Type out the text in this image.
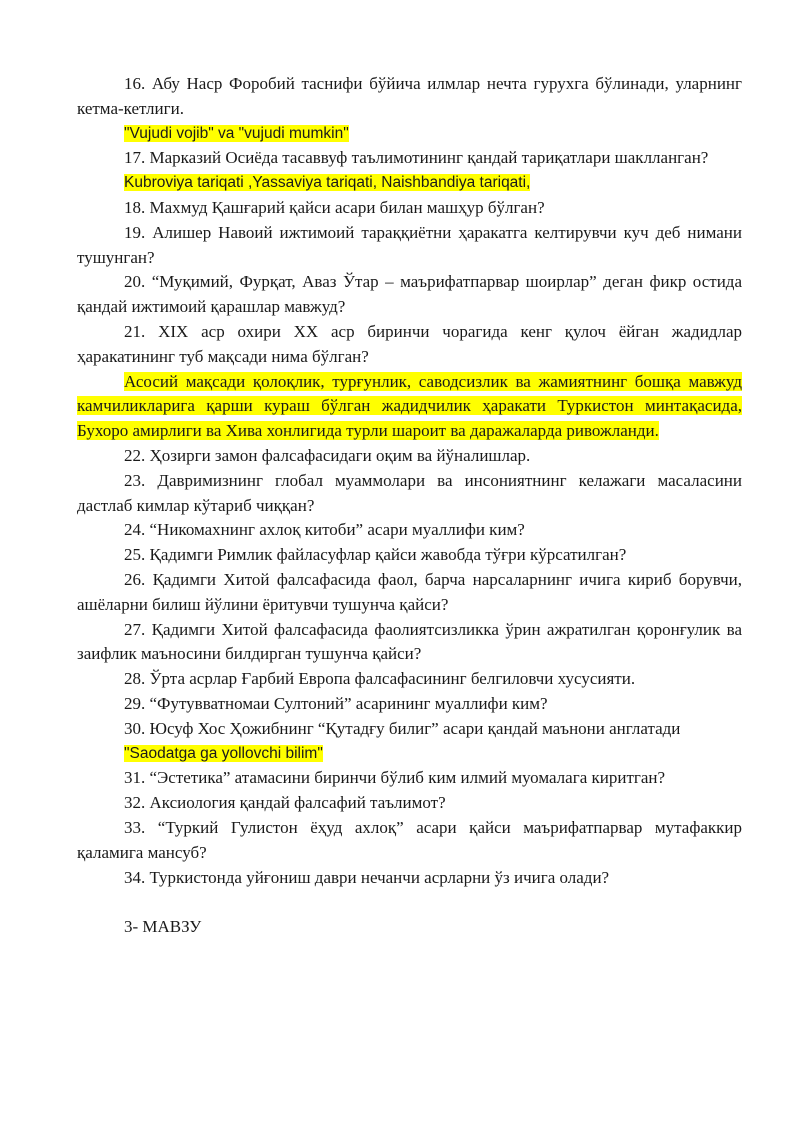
16. Абу Наср Форобий таснифи бўйича илмлар нечта гурухга бўлинади, уларнинг кетма-кетлиги.

"Vujudi vojib" va "vujudi mumkin"

17. Марказий Осиёда тасаввуф таълимотининг қандай тариқатлари шаклланган?

Kubroviya tariqati ,Yassaviya tariqati, Naishbandiya tariqati,

18. Махмуд Қашғарий қайси асари билан машҳур бўлган?

19. Алишер Навоий ижтимоий тараққиётни ҳаракатга келтирувчи куч деб нимани тушунган?

20. “Муқимий, Фурқат, Аваз Ўтар – маърифатпарвар шоирлар” деган фикр остида қандай ижтимоий қарашлар мавжуд?

21. XIX аср охири XX аср биринчи чорагида кенг қулоч ёйган жадидлар ҳаракатининг туб мақсади нима бўлган?

Асосий мақсади қолоқлик, турғунлик, саводсизлик ва жамиятнинг бошқа мавжуд камчиликларига қарши кураш бўлган жадидчилик ҳаракати Туркистон минтақасида, Бухоро амирлиги ва Хива хонлигида турли шароит ва даражаларда ривожланди.

22. Ҳозирги замон фалсафасидаги оқим ва йўналишлар.

23. Давримизнинг глобал муаммолари ва инсониятнинг келажаги масаласини дастлаб кимлар кўтариб чиққан?

24. “Никомахнинг ахлоқ китоби” асари муаллифи ким?

25. Қадимги Римлик файласуфлар қайси жавобда тўғри кўрсатилган?

26. Қадимги Хитой фалсафасида фаол, барча нарсаларнинг ичига кириб борувчи, ашёларни билиш йўлини ёритувчи тушунча қайси?

27. Қадимги Хитой фалсафасида фаолиятсизликка ўрин ажратилган қоронғулик ва заифлик маъносини билдирган тушунча қайси?

28. Ўрта асрлар Ғарбий Европа фалсафасининг белгиловчи хусусияти.

29. “Футувватномаи Султоний” асарининг муаллифи ким?

30. Юсуф Хос Ҳожибнинг “Қутадғу билиг” асари қандай маънони англатади

"Saodatga ga yollovchi bilim"

31. “Эстетика” атамасини биринчи бўлиб ким илмий муомалага киритган?

32. Аксиология қандай фалсафий таълимот?

33. “Туркий Гулистон ёҳуд ахлоқ” асари қайси маърифатпарвар мутафаккир қаламига мансуб?

34. Туркистонда уйғониш даври нечанчи асрларни ўз ичига олади?

3- МАВЗУ
